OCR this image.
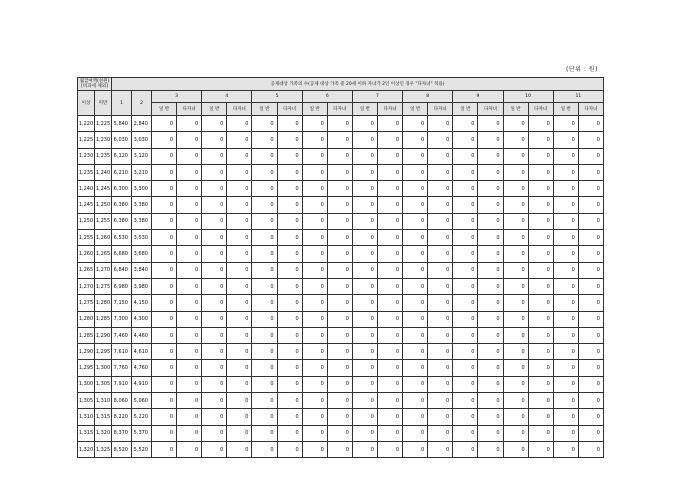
(단위 : 원)
월급여액(천원)
[비과세 제외]		공제대상 가족의 수(공제 대상 가족 중 20세 이하 자녀가 2인 이상인 경우 "다자녀" 적용)																			
이상	미만	1	2	3		4		5		6		7		8		9		10		11	
				일 반	다자녀	일 반	다자녀	일 반	다자녀	일 반	다자녀	일 반	다자녀	일 반	다자녀	일 반	다자녀	일 반	다자녀	일 반	다자녀
1,220	1,225	5,840	2,840	0	0	0	0	0	0	0	0	0	0	0	0	0	0	0	0	0	0
1,225	1,230	6,030	3,030	0	0	0	0	0	0	0	0	0	0	0	0	0	0	0	0	0	0
1,230	1,235	6,120	3,120	0	0	0	0	0	0	0	0	0	0	0	0	0	0	0	0	0	0
1,235	1,240	6,210	3,210	0	0	0	0	0	0	0	0	0	0	0	0	0	0	0	0	0	0
1,240	1,245	6,300	3,300	0	0	0	0	0	0	0	0	0	0	0	0	0	0	0	0	0	0
1,245	1,250	6,380	3,380	0	0	0	0	0	0	0	0	0	0	0	0	0	0	0	0	0	0
1,250	1,255	6,380	3,380	0	0	0	0	0	0	0	0	0	0	0	0	0	0	0	0	0	0
1,255	1,260	6,530	3,530	0	0	0	0	0	0	0	0	0	0	0	0	0	0	0	0	0	0
1,260	1,265	6,680	3,680	0	0	0	0	0	0	0	0	0	0	0	0	0	0	0	0	0	0
1,265	1,270	6,840	3,840	0	0	0	0	0	0	0	0	0	0	0	0	0	0	0	0	0	0
1,270	1,275	6,980	3,980	0	0	0	0	0	0	0	0	0	0	0	0	0	0	0	0	0	0
1,275	1,280	7,150	4,150	0	0	0	0	0	0	0	0	0	0	0	0	0	0	0	0	0	0
1,280	1,285	7,300	4,300	0	0	0	0	0	0	0	0	0	0	0	0	0	0	0	0	0	0
1,285	1,290	7,460	4,460	0	0	0	0	0	0	0	0	0	0	0	0	0	0	0	0	0	0
1,290	1,295	7,610	4,610	0	0	0	0	0	0	0	0	0	0	0	0	0	0	0	0	0	0
1,295	1,300	7,760	4,760	0	0	0	0	0	0	0	0	0	0	0	0	0	0	0	0	0	0
1,300	1,305	7,910	4,910	0	0	0	0	0	0	0	0	0	0	0	0	0	0	0	0	0	0
1,305	1,310	8,060	5,060	0	0	0	0	0	0	0	0	0	0	0	0	0	0	0	0	0	0
1,310	1,315	8,220	5,220	0	0	0	0	0	0	0	0	0	0	0	0	0	0	0	0	0	0
1,315	1,320	8,370	5,370	0	0	0	0	0	0	0	0	0	0	0	0	0	0	0	0	0	0
1,320	1,325	8,520	5,520	0	0	0	0	0	0	0	0	0	0	0	0	0	0	0	0	0	0
